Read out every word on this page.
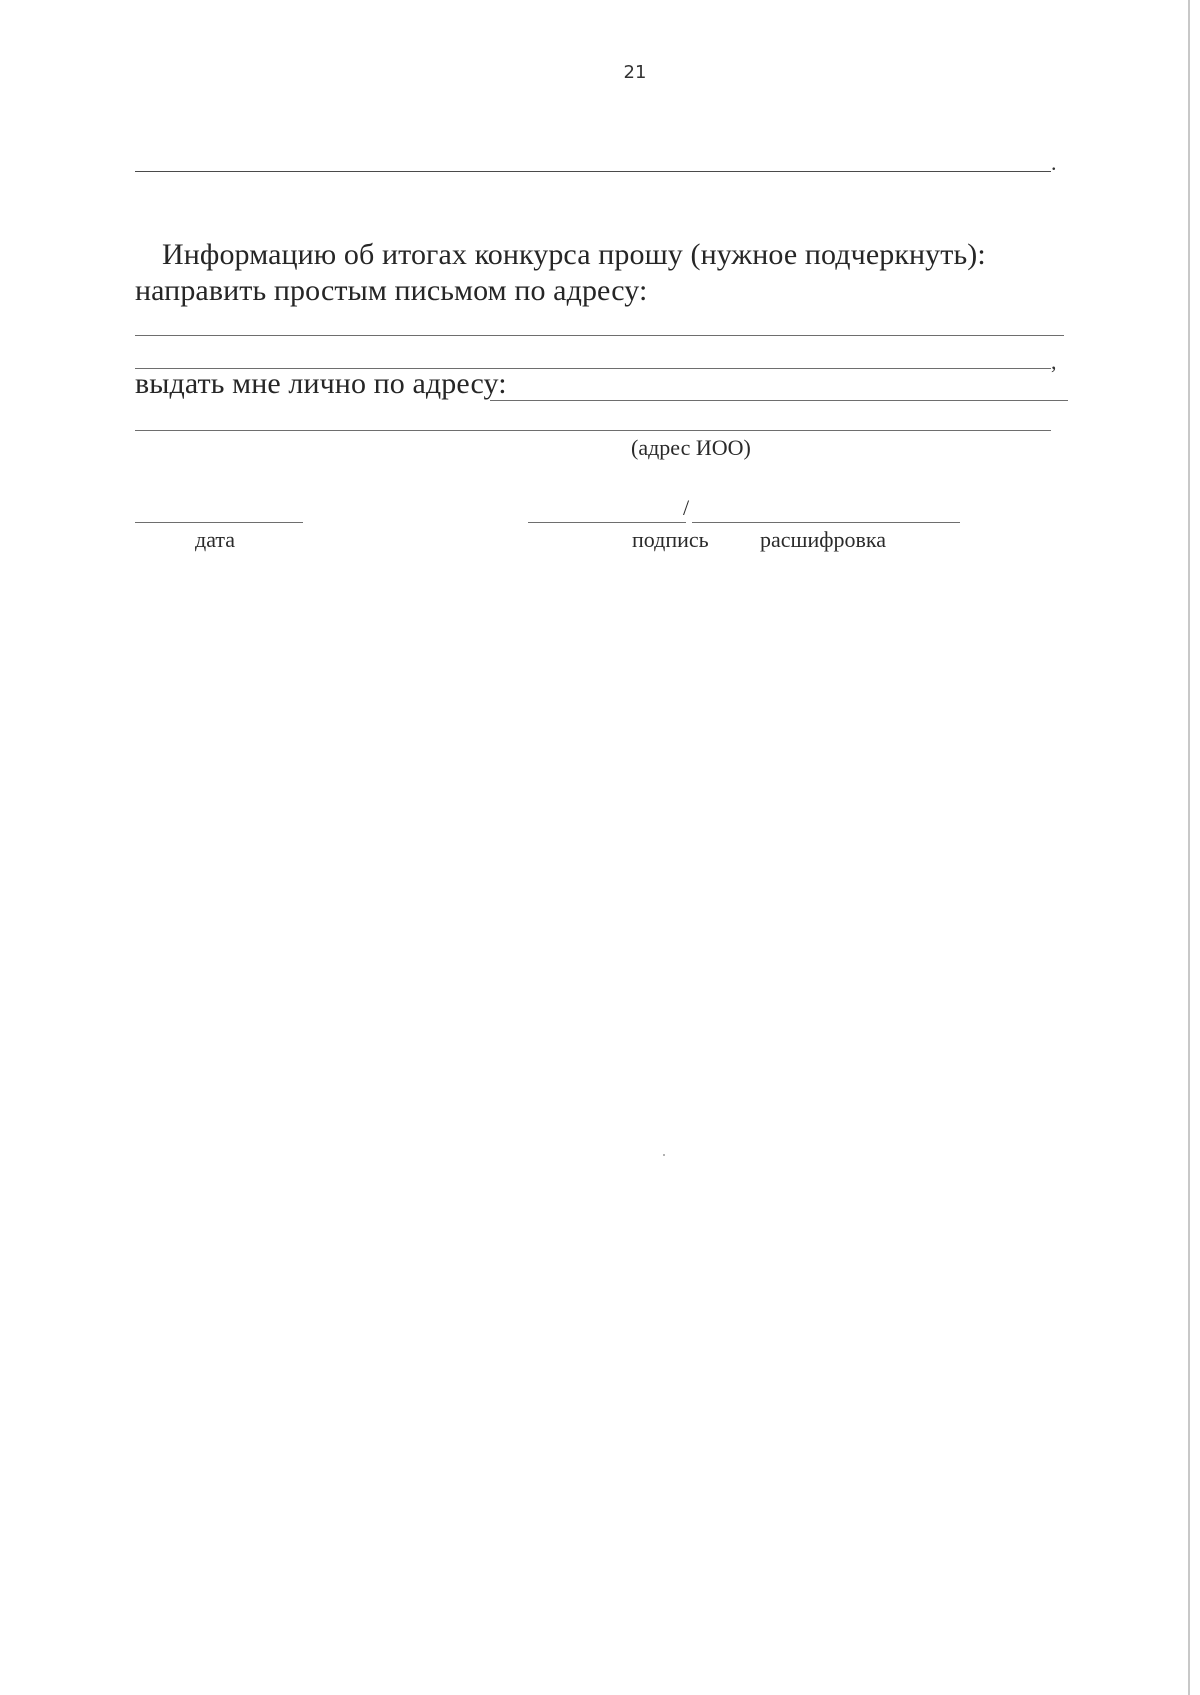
21
.
Информацию об итогах конкурса прошу (нужное подчеркнуть):
направить простым письмом по адресу:
,
выдать мне лично по адресу:
(адрес ИОО)
/
дата	подпись расшифровка
